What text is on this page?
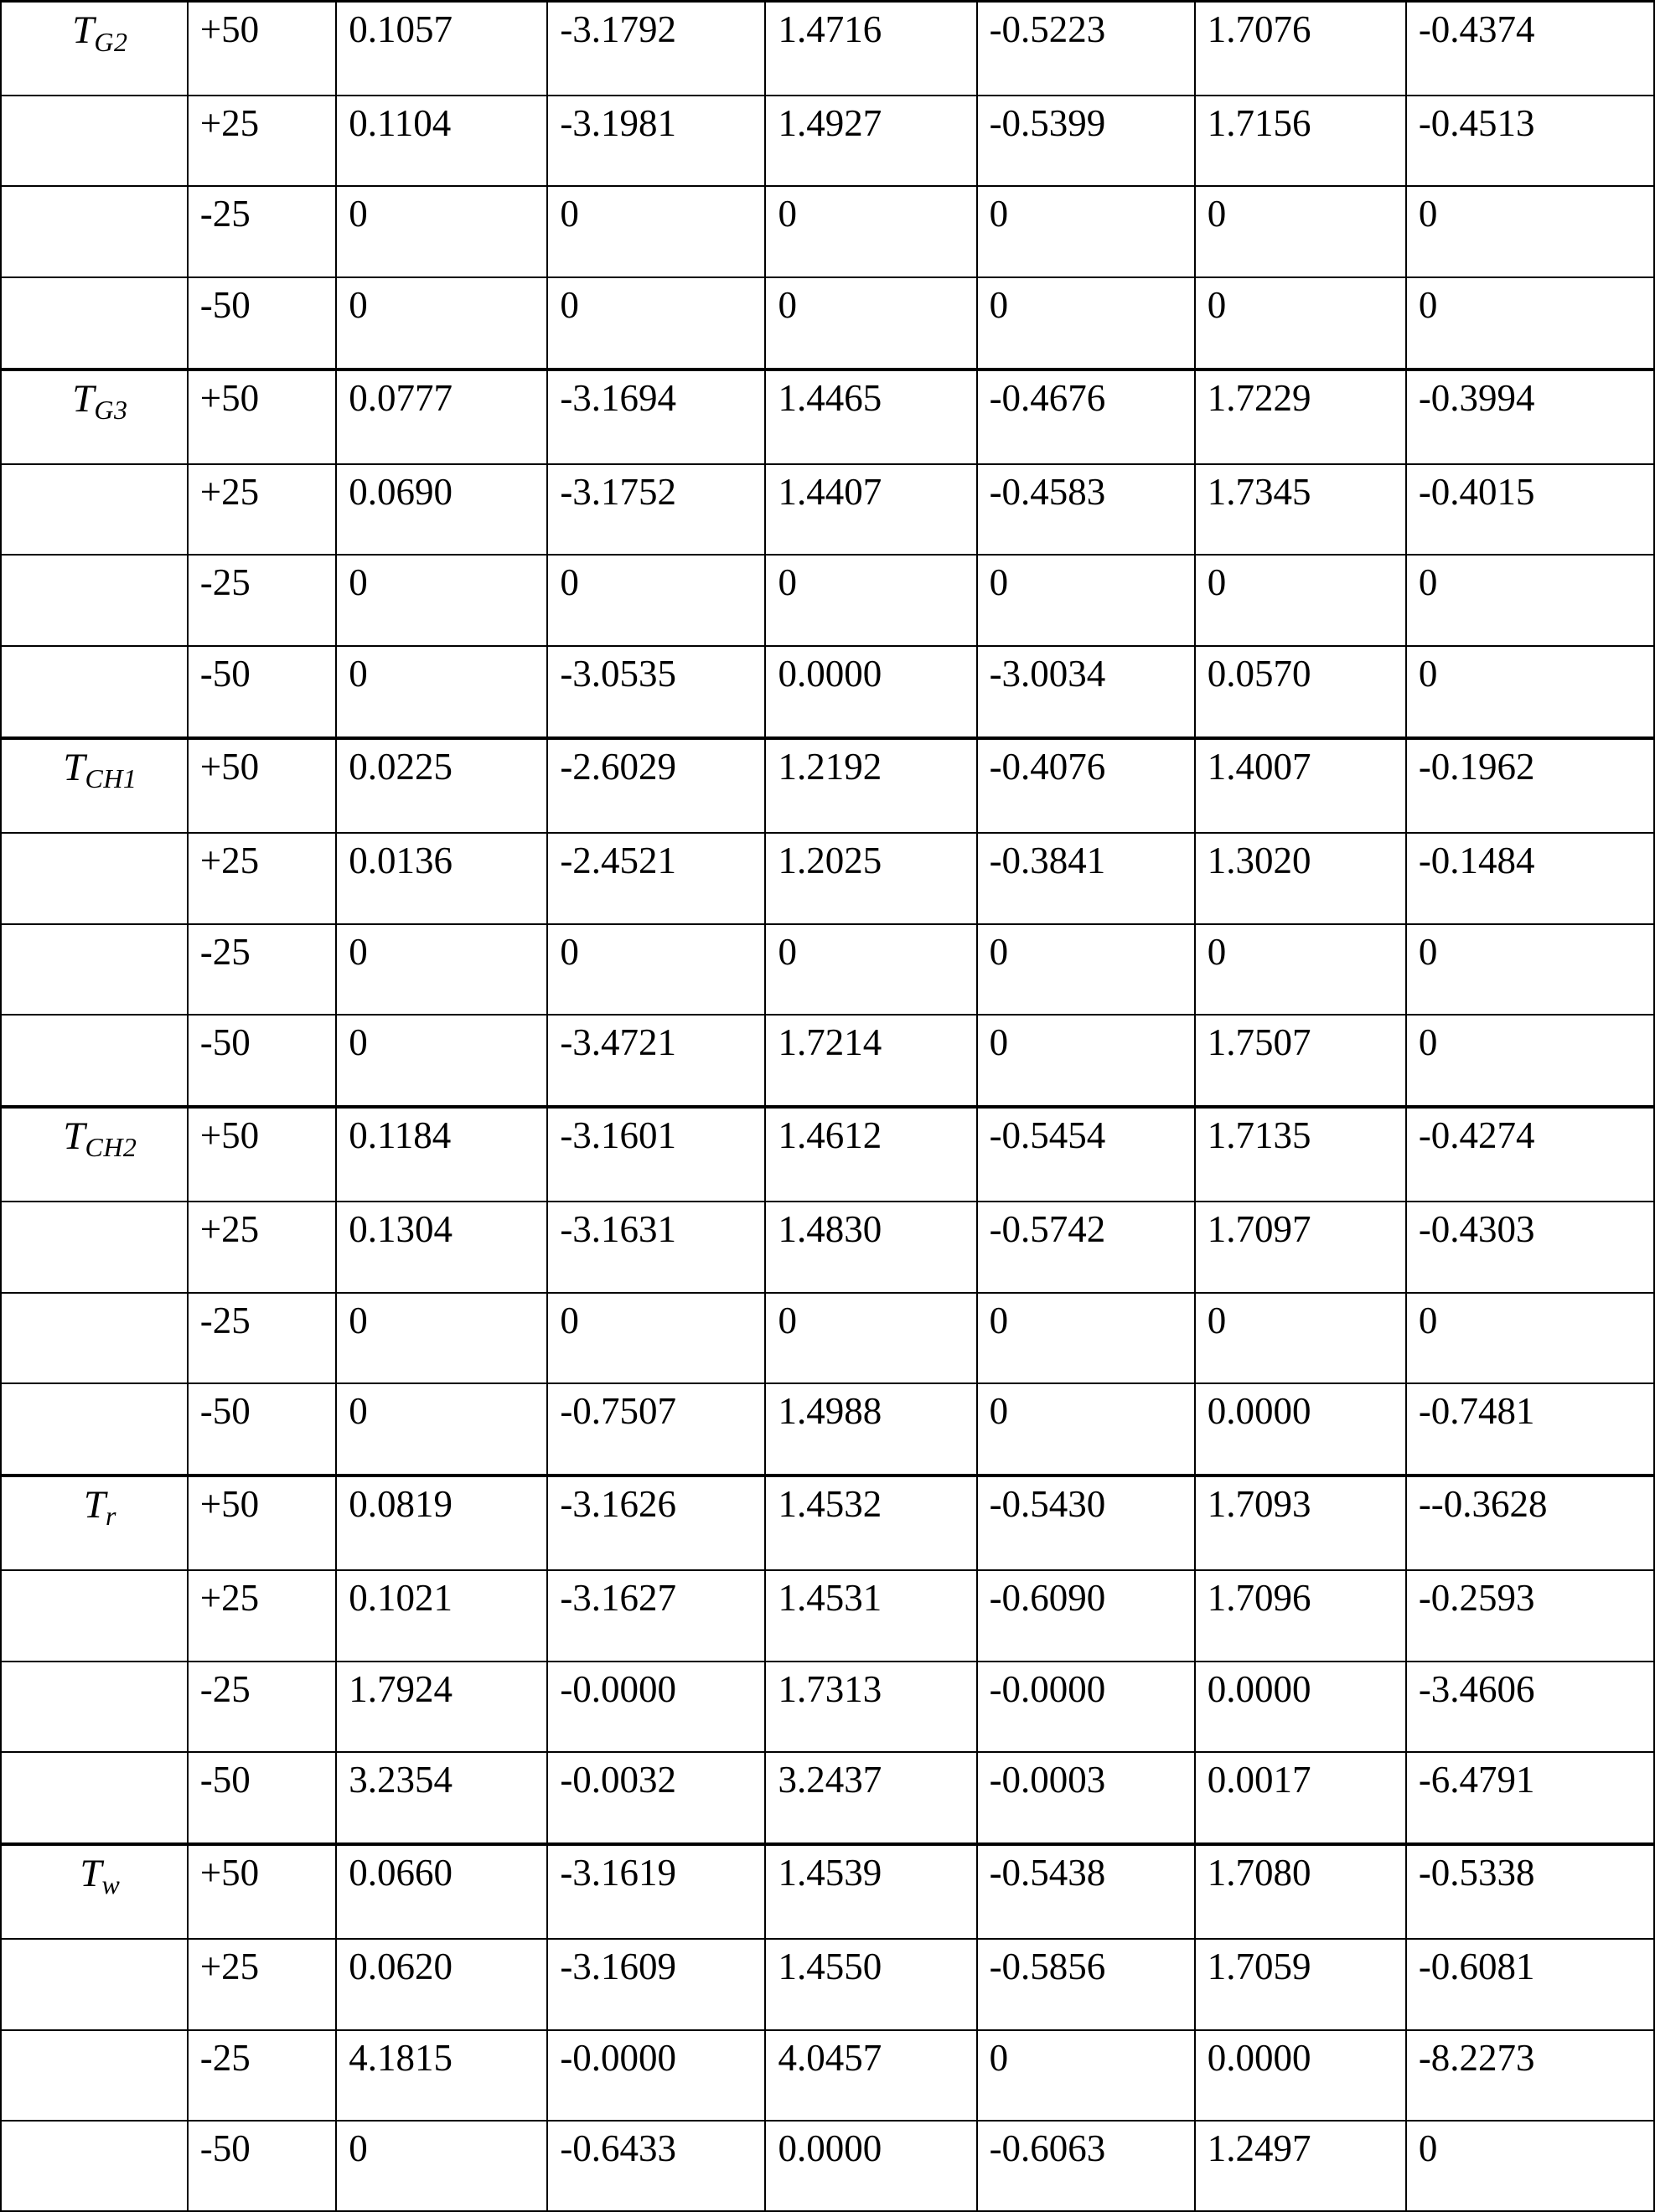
$T_{G2}$	+50	0.1057	-3.1792	1.4716	-0.5223	1.7076	-0.4374
	+25	0.1104	-3.1981	1.4927	-0.5399	1.7156	-0.4513
	-25	0	0	0	0	0	0
	-50	0	0	0	0	0	0
$T_{G3}$	+50	0.0777	-3.1694	1.4465	-0.4676	1.7229	-0.3994
	+25	0.0690	-3.1752	1.4407	-0.4583	1.7345	-0.4015
	-25	0	0	0	0	0	0
	-50	0	-3.0535	0.0000	-3.0034	0.0570	0
$T_{CH1}$	+50	0.0225	-2.6029	1.2192	-0.4076	1.4007	-0.1962
	+25	0.0136	-2.4521	1.2025	-0.3841	1.3020	-0.1484
	-25	0	0	0	0	0	0
	-50	0	-3.4721	1.7214	0	1.7507	0
$T_{CH2}$	+50	0.1184	-3.1601	1.4612	-0.5454	1.7135	-0.4274
	+25	0.1304	-3.1631	1.4830	-0.5742	1.7097	-0.4303
	-25	0	0	0	0	0	0
	-50	0	-0.7507	1.4988	0	0.0000	-0.7481
$T_r$	+50	0.0819	-3.1626	1.4532	-0.5430	1.7093	--0.3628
	+25	0.1021	-3.1627	1.4531	-0.6090	1.7096	-0.2593
	-25	1.7924	-0.0000	1.7313	-0.0000	0.0000	-3.4606
	-50	3.2354	-0.0032	3.2437	-0.0003	0.0017	-6.4791
$T_w$	+50	0.0660	-3.1619	1.4539	-0.5438	1.7080	-0.5338
	+25	0.0620	-3.1609	1.4550	-0.5856	1.7059	-0.6081
	-25	4.1815	-0.0000	4.0457	0	0.0000	-8.2273
	-50	0	-0.6433	0.0000	-0.6063	1.2497	0
